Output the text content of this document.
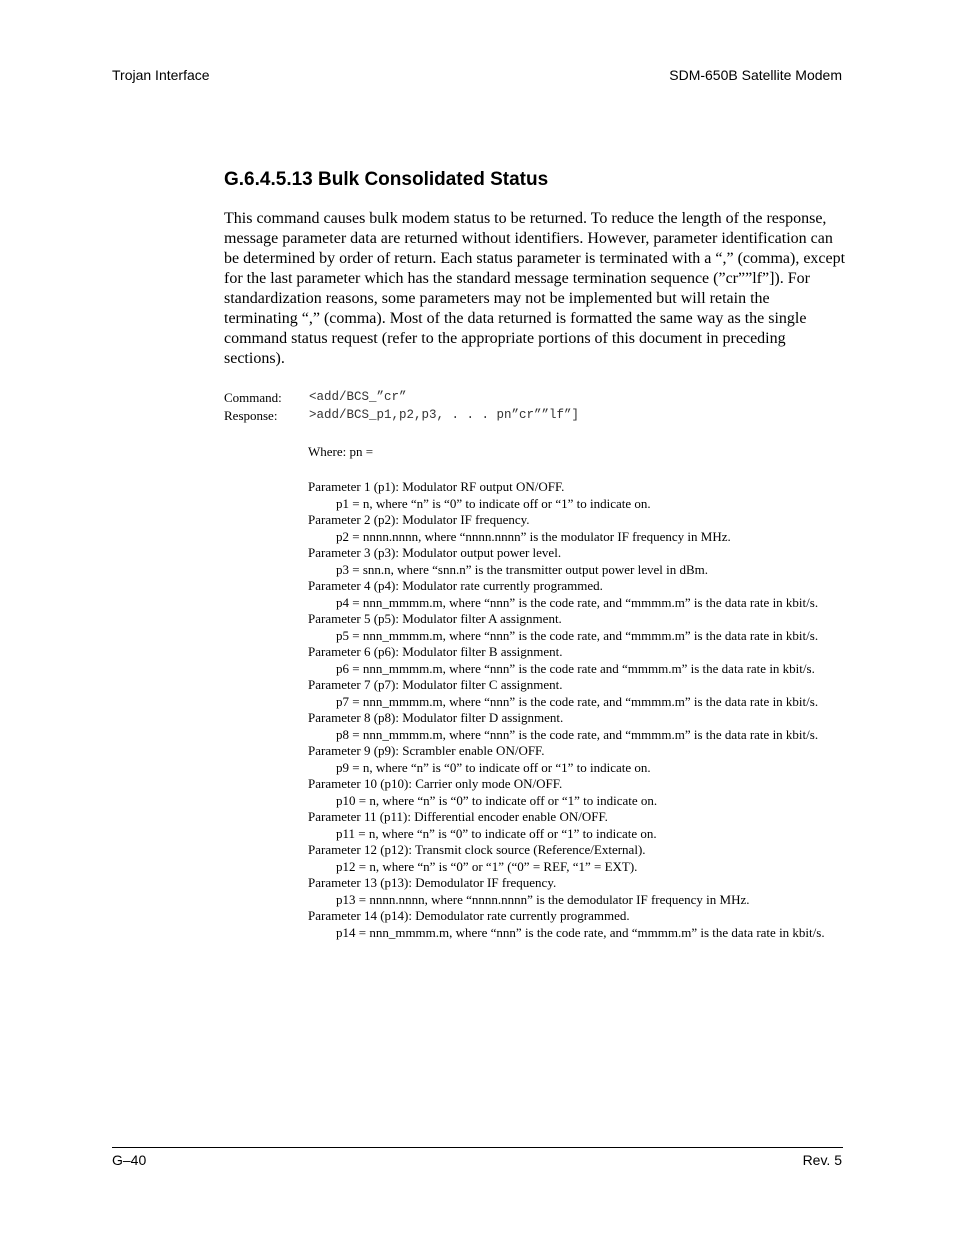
Trojan Interface	SDM-650B Satellite Modem
G.6.4.5.13 Bulk Consolidated Status

This command causes bulk modem status to be returned. To reduce the length of the response, message parameter data are returned without identifiers. However, parameter identification can be determined by order of return. Each status parameter is terminated with a “,” (comma), except for the last parameter which has the standard message termination sequence (”cr””lf”]). For standardization reasons, some parameters may not be implemented but will retain the terminating “,” (comma). Most of the data returned is formatted the same way as the single command status request (refer to the appropriate portions of this document in preceding sections).

Command: <add/BCS_”cr”
Response:	>add/BCS_p1,p2,p3, . . . pn”cr””lf”]
Where: pn =

Parameter 1 (p1): Modulator RF output ON/OFF.

p1 = n, where “n” is “0” to indicate off or “1” to indicate on.

Parameter 2 (p2): Modulator IF frequency.

p2 = nnnn.nnnn, where “nnnn.nnnn” is the modulator IF frequency in MHz.

Parameter 3 (p3): Modulator output power level.

p3 = snn.n, where “snn.n” is the transmitter output power level in dBm.

Parameter 4 (p4): Modulator rate currently programmed.

p4 = nnn_mmmm.m, where “nnn” is the code rate, and “mmmm.m” is the data rate in kbit/s.

Parameter 5 (p5): Modulator filter A assignment.

p5 = nnn_mmmm.m, where “nnn” is the code rate, and “mmmm.m” is the data rate in kbit/s.

Parameter 6 (p6): Modulator filter B assignment.

p6 = nnn_mmmm.m, where “nnn” is the code rate and “mmmm.m” is the data rate in kbit/s.

Parameter 7 (p7): Modulator filter C assignment.

p7 = nnn_mmmm.m, where “nnn” is the code rate, and “mmmm.m” is the data rate in kbit/s.

Parameter 8 (p8): Modulator filter D assignment.

p8 = nnn_mmmm.m, where “nnn” is the code rate, and “mmmm.m” is the data rate in kbit/s.

Parameter 9 (p9): Scrambler enable ON/OFF.

p9 = n, where “n” is “0” to indicate off or “1” to indicate on.

Parameter 10 (p10): Carrier only mode ON/OFF.

p10 = n, where “n” is “0” to indicate off or “1” to indicate on.

Parameter 11 (p11): Differential encoder enable ON/OFF.

p11 = n, where “n” is “0” to indicate off or “1” to indicate on.

Parameter 12 (p12): Transmit clock source (Reference/External).

p12 = n, where “n” is “0” or “1” (“0” = REF, “1” = EXT).

Parameter 13 (p13): Demodulator IF frequency.

p13 = nnnn.nnnn, where “nnnn.nnnn” is the demodulator IF frequency in MHz.

Parameter 14 (p14): Demodulator rate currently programmed.

p14 = nnn_mmmm.m, where “nnn” is the code rate, and “mmmm.m” is the data rate in kbit/s.

G–40	Rev. 5
